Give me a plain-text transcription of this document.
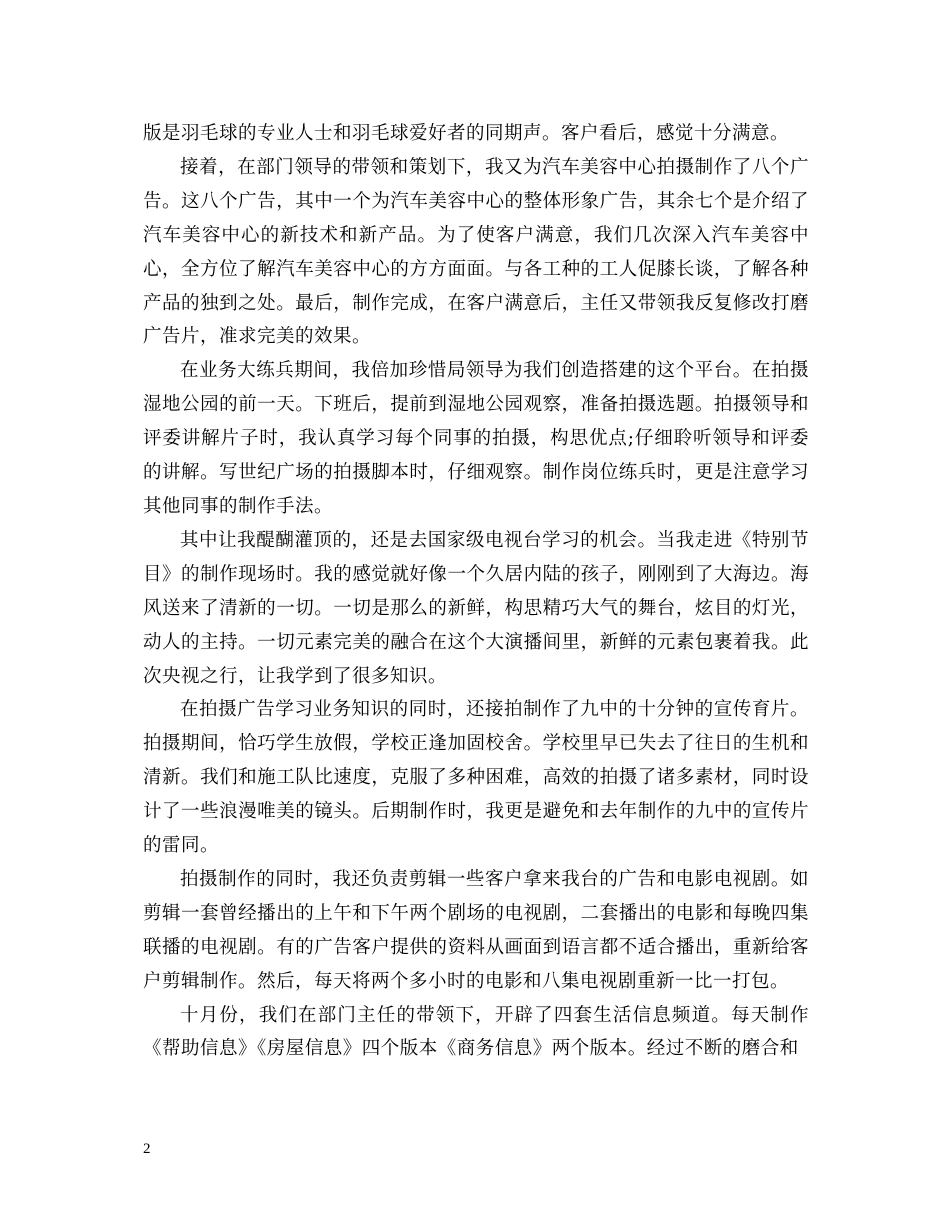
版是羽毛球的专业人士和羽毛球爱好者的同期声。客户看后，感觉十分满意。

接着，在部门领导的带领和策划下，我又为汽车美容中心拍摄制作了八个广告。这八个广告，其中一个为汽车美容中心的整体形象广告，其余七个是介绍了汽车美容中心的新技术和新产品。为了使客户满意，我们几次深入汽车美容中心，全方位了解汽车美容中心的方方面面。与各工种的工人促膝长谈，了解各种产品的独到之处。最后，制作完成，在客户满意后，主任又带领我反复修改打磨广告片，准求完美的效果。

在业务大练兵期间，我倍加珍惜局领导为我们创造搭建的这个平台。在拍摄湿地公园的前一天。下班后，提前到湿地公园观察，准备拍摄选题。拍摄领导和评委讲解片子时，我认真学习每个同事的拍摄，构思优点;仔细聆听领导和评委的讲解。写世纪广场的拍摄脚本时，仔细观察。制作岗位练兵时，更是注意学习其他同事的制作手法。

其中让我醍醐灌顶的，还是去国家级电视台学习的机会。当我走进《特别节目》的制作现场时。我的感觉就好像一个久居内陆的孩子，刚刚到了大海边。海风送来了清新的一切。一切是那么的新鲜，构思精巧大气的舞台，炫目的灯光，动人的主持。一切元素完美的融合在这个大演播间里，新鲜的元素包裹着我。此次央视之行，让我学到了很多知识。

在拍摄广告学习业务知识的同时，还接拍制作了九中的十分钟的宣传育片。拍摄期间，恰巧学生放假，学校正逢加固校舍。学校里早已失去了往日的生机和清新。我们和施工队比速度，克服了多种困难，高效的拍摄了诸多素材，同时设计了一些浪漫唯美的镜头。后期制作时，我更是避免和去年制作的九中的宣传片的雷同。

拍摄制作的同时，我还负责剪辑一些客户拿来我台的广告和电影电视剧。如剪辑一套曾经播出的上午和下午两个剧场的电视剧，二套播出的电影和每晚四集联播的电视剧。有的广告客户提供的资料从画面到语言都不适合播出，重新给客户剪辑制作。然后，每天将两个多小时的电影和八集电视剧重新一比一打包。

十月份，我们在部门主任的带领下，开辟了四套生活信息频道。每天制作《帮助信息》《房屋信息》四个版本《商务信息》两个版本。经过不断的磨合和

2
